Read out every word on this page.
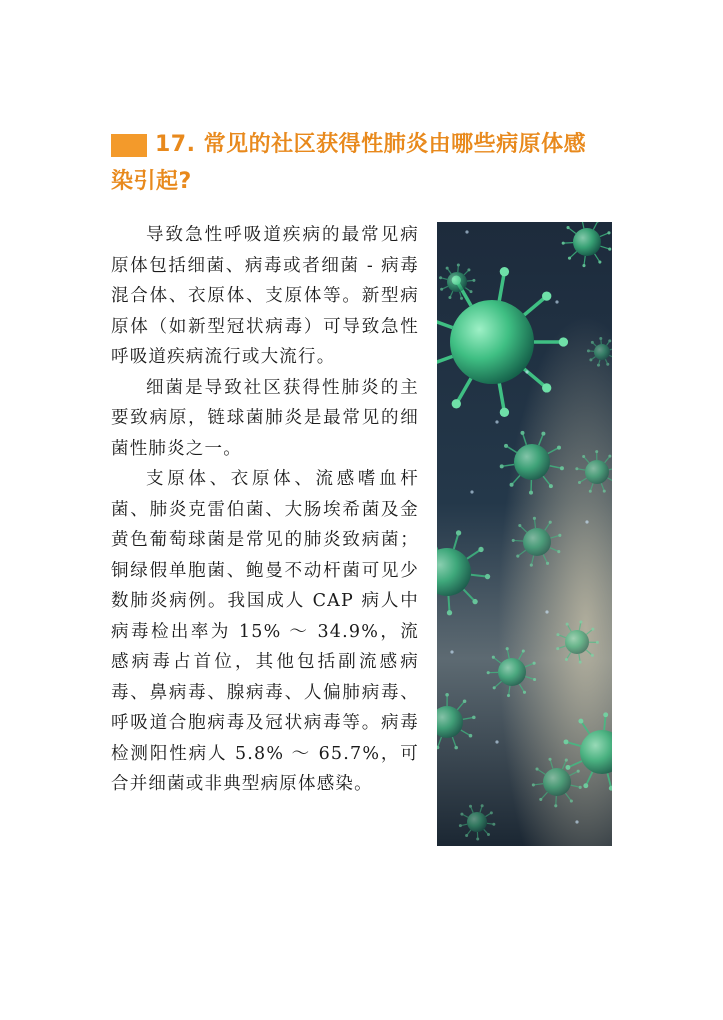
17. 常见的社区获得性肺炎由哪些病原体感
染引起?

导致急性呼吸道疾病的最常见病原体包括细菌、病毒或者细菌 - 病毒混合体、衣原体、支原体等。新型病原体（如新型冠状病毒）可导致急性呼吸道疾病流行或大流行。

细菌是导致社区获得性肺炎的主要致病原，链球菌肺炎是最常见的细菌性肺炎之一。

支原体、衣原体、流感嗜血杆菌、肺炎克雷伯菌、大肠埃希菌及金黄色葡萄球菌是常见的肺炎致病菌；铜绿假单胞菌、鲍曼不动杆菌可见少数肺炎病例。我国成人 CAP 病人中病毒检出率为 15% ～ 34.9%，流感病毒占首位，其他包括副流感病毒、鼻病毒、腺病毒、人偏肺病毒、呼吸道合胞病毒及冠状病毒等。病毒检测阳性病人 5.8% ～ 65.7%，可合并细菌或非典型病原体感染。
